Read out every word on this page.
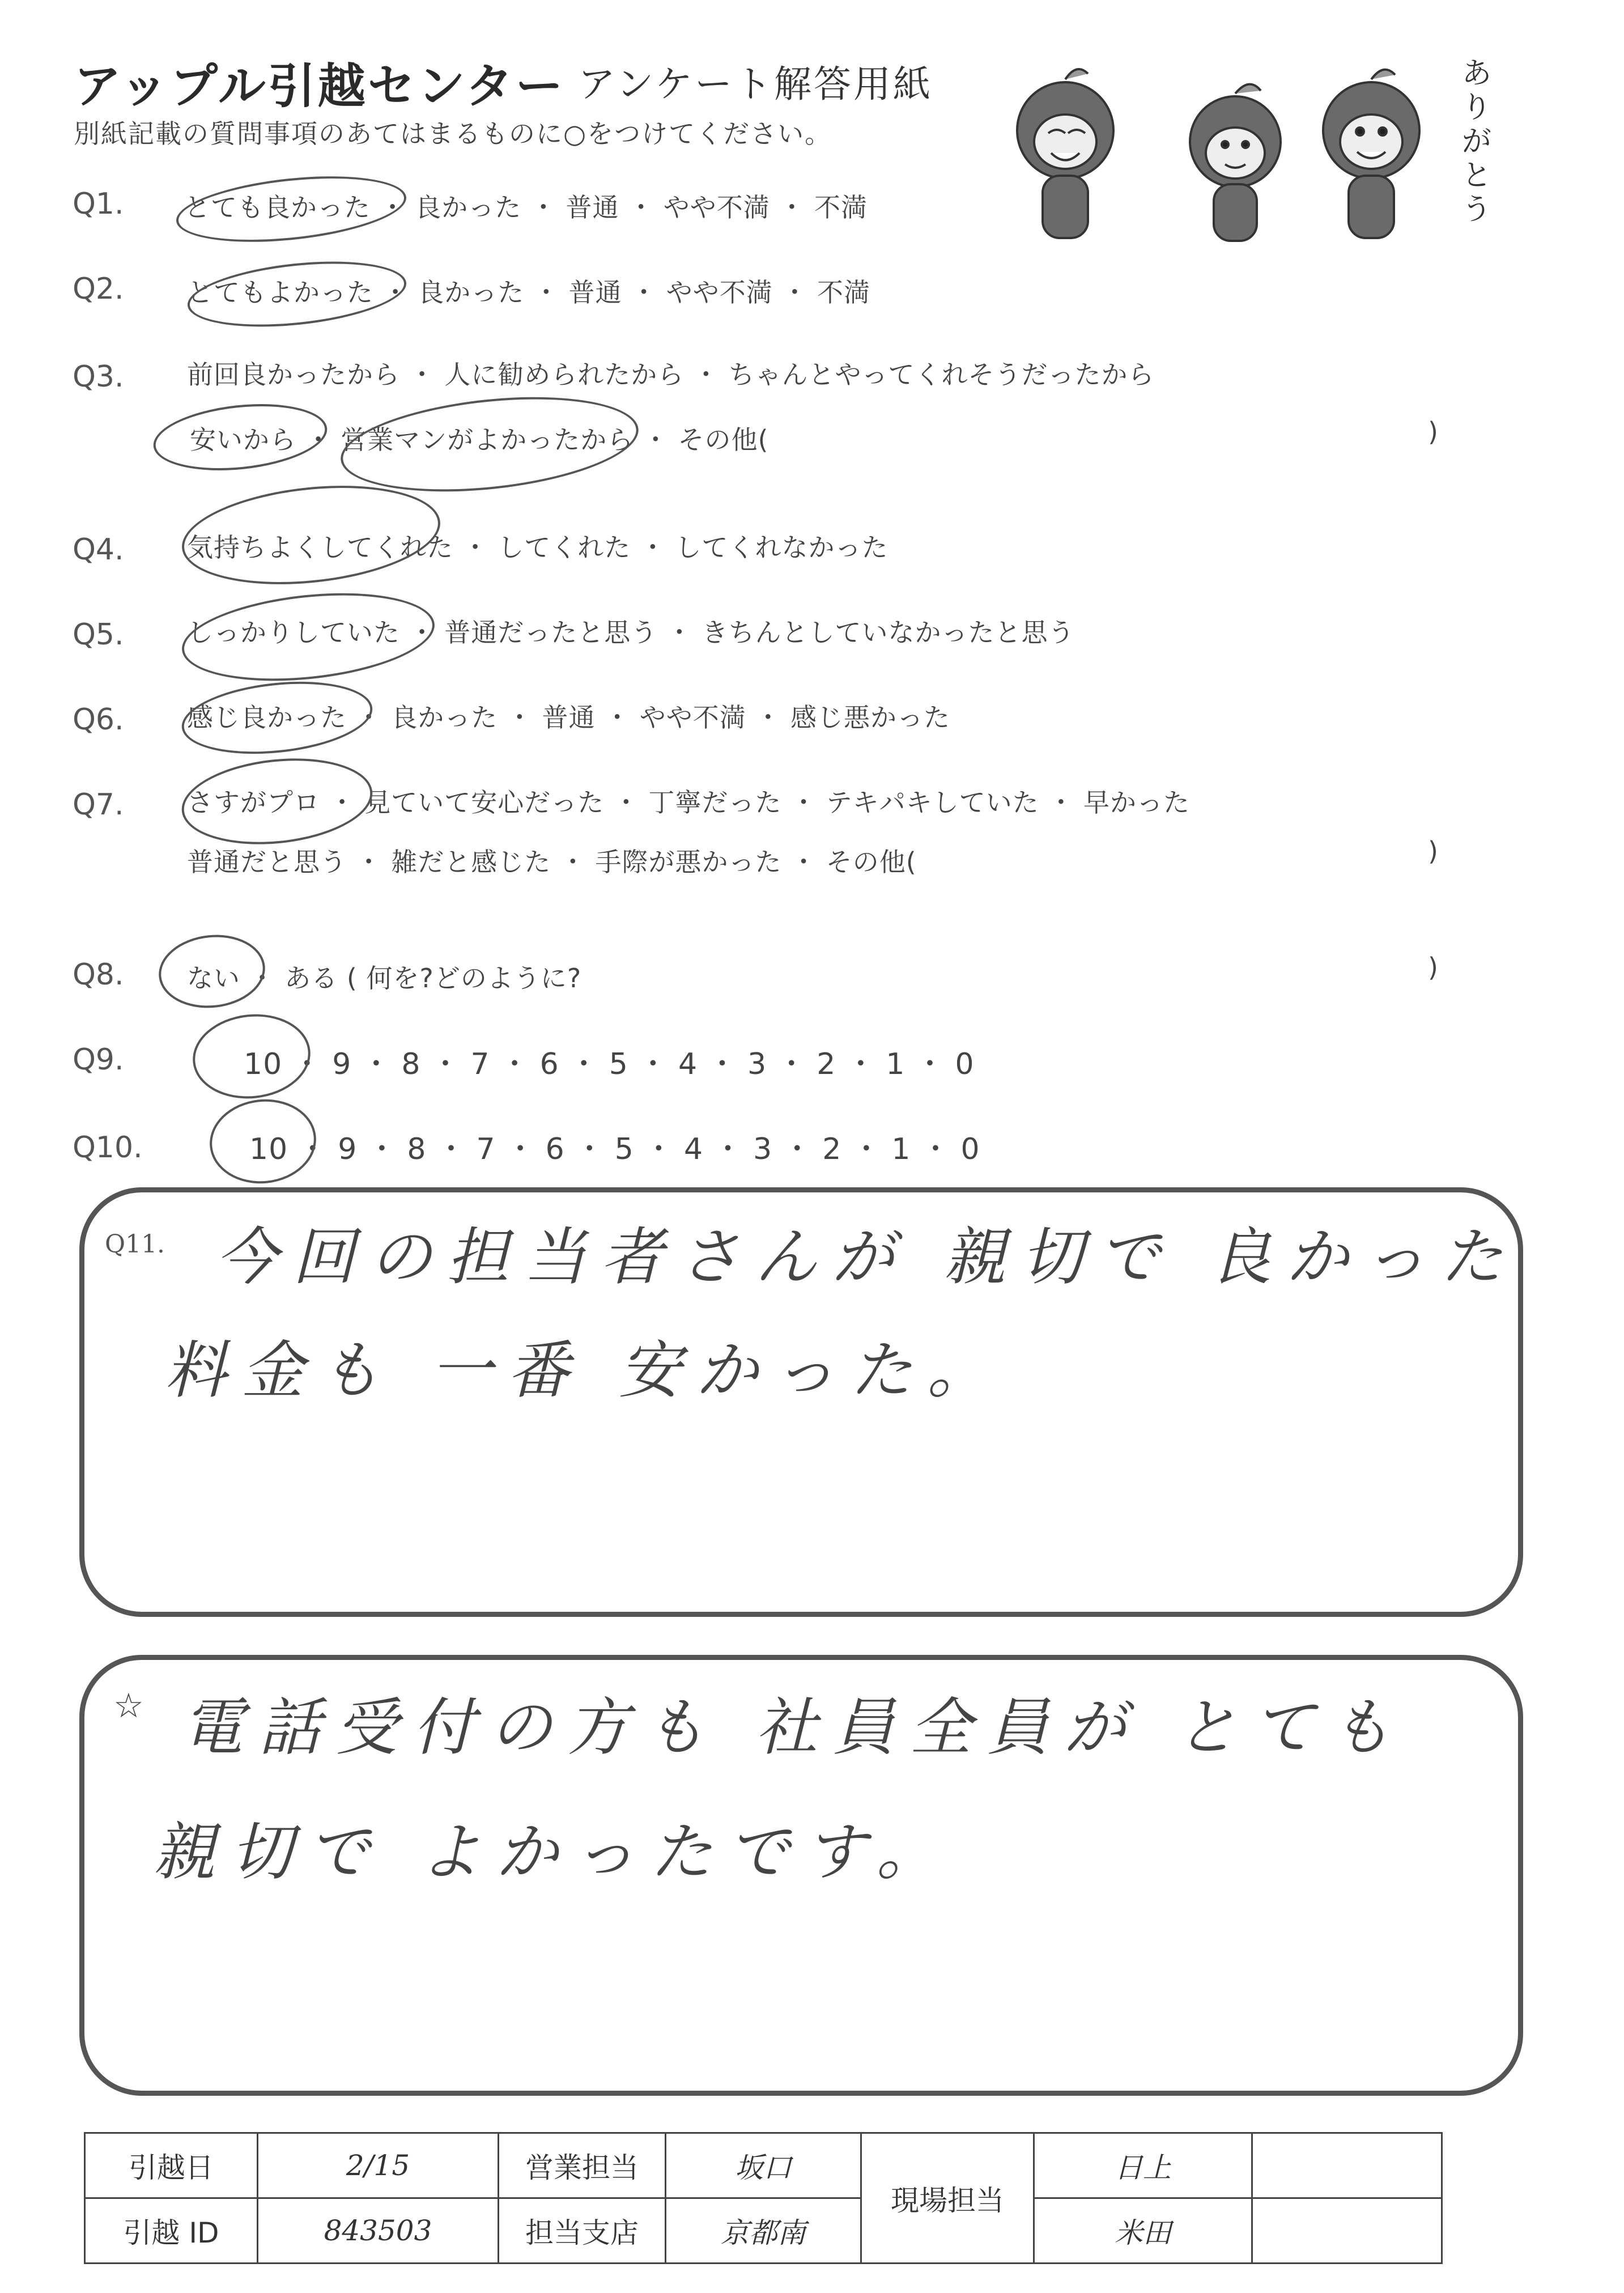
アップル引越センター アンケート解答用紙
別紙記載の質問事項のあてはまるものに○をつけてください。
ありがとう
Q1. とても良かった ・ 良かった ・ 普通 ・ やや不満 ・ 不満
Q2. とてもよかった ・ 良かった ・ 普通 ・ やや不満 ・ 不満
Q3. 前回良かったから ・ 人に勧められたから ・ ちゃんとやってくれそうだったから
安いから ・ 営業マンがよかったから ・ その他(	)
Q4. 気持ちよくしてくれた ・ してくれた ・ してくれなかった
Q5. しっかりしていた ・ 普通だったと思う ・ きちんとしていなかったと思う
Q6. 感じ良かった ・ 良かった ・ 普通 ・ やや不満 ・ 感じ悪かった
Q7. さすがプロ ・ 見ていて安心だった ・ 丁寧だった ・ テキパキしていた ・ 早かった
普通だと思う ・ 雑だと感じた ・ 手際が悪かった ・ その他(	)
Q8. ない ・ ある ( 何を?どのように?	)
Q9.	10 ・ 9 ・ 8 ・ 7 ・ 6 ・ 5 ・ 4 ・ 3 ・ 2 ・ 1 ・ 0
Q10.	10 ・ 9 ・ 8 ・ 7 ・ 6 ・ 5 ・ 4 ・ 3 ・ 2 ・ 1 ・ 0
Q11. 今回の担当者さんが 親切で 良かった
料金も 一番 安かった。
☆ 電話受付の方も 社員全員が とても
親切で よかったです。
引越日	2/15	営業担当	坂口	現場担当	日上	
引越 ID	843503	担当支店	京都南		米田	
